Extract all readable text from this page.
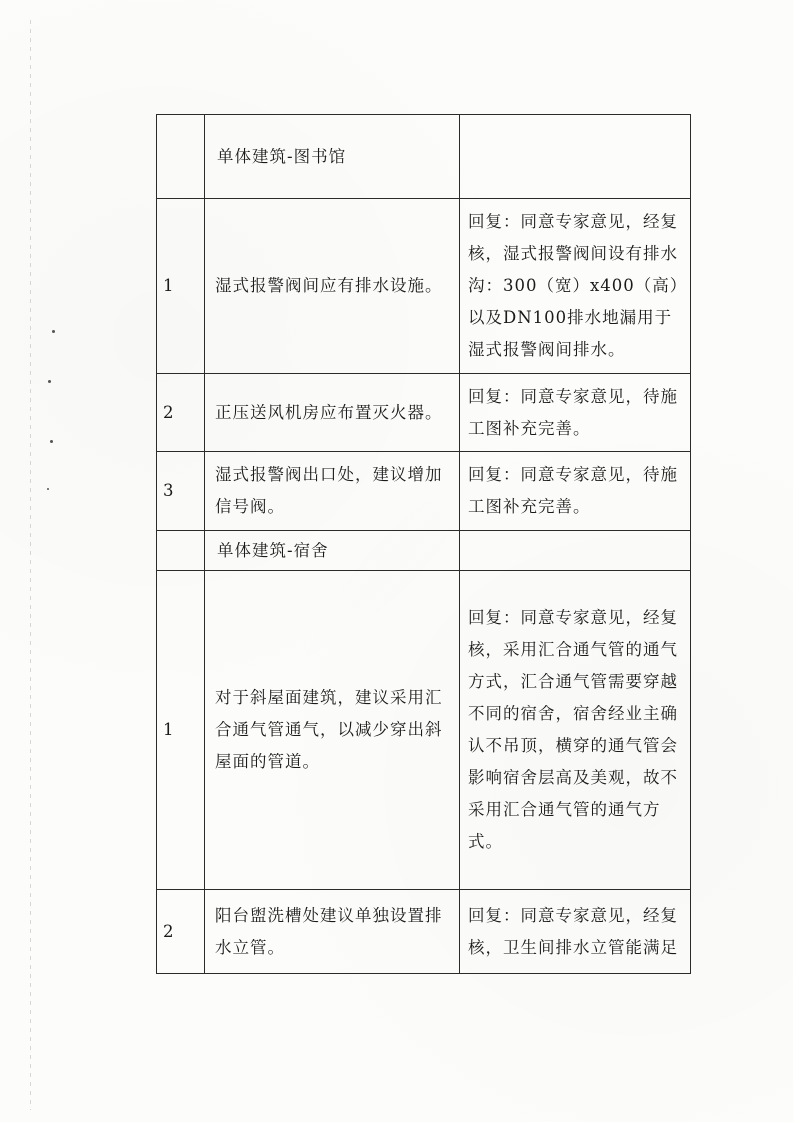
	单体建筑-图书馆	
1	湿式报警阀间应有排水设施。	回复：同意专家意见，经复核，湿式报警阀间设有排水沟：300（宽）x400（高）以及DN100排水地漏用于湿式报警阀间排水。

2	正压送风机房应布置灭火器。	回复：同意专家意见，待施工图补充完善。

3	湿式报警阀出口处，建议增加信号阀。	回复：同意专家意见，待施工图补充完善。

	单体建筑-宿舍	
1	对于斜屋面建筑，建议采用汇合通气管通气，以减少穿出斜屋面的管道。	回复：同意专家意见，经复核，采用汇合通气管的通气方式，汇合通气管需要穿越不同的宿舍，宿舍经业主确认不吊顶，横穿的通气管会影响宿舍层高及美观，故不采用汇合通气管的通气方式。

2	阳台盥洗槽处建议单独设置排水立管。	回复：同意专家意见，经复核，卫生间排水立管能满足
